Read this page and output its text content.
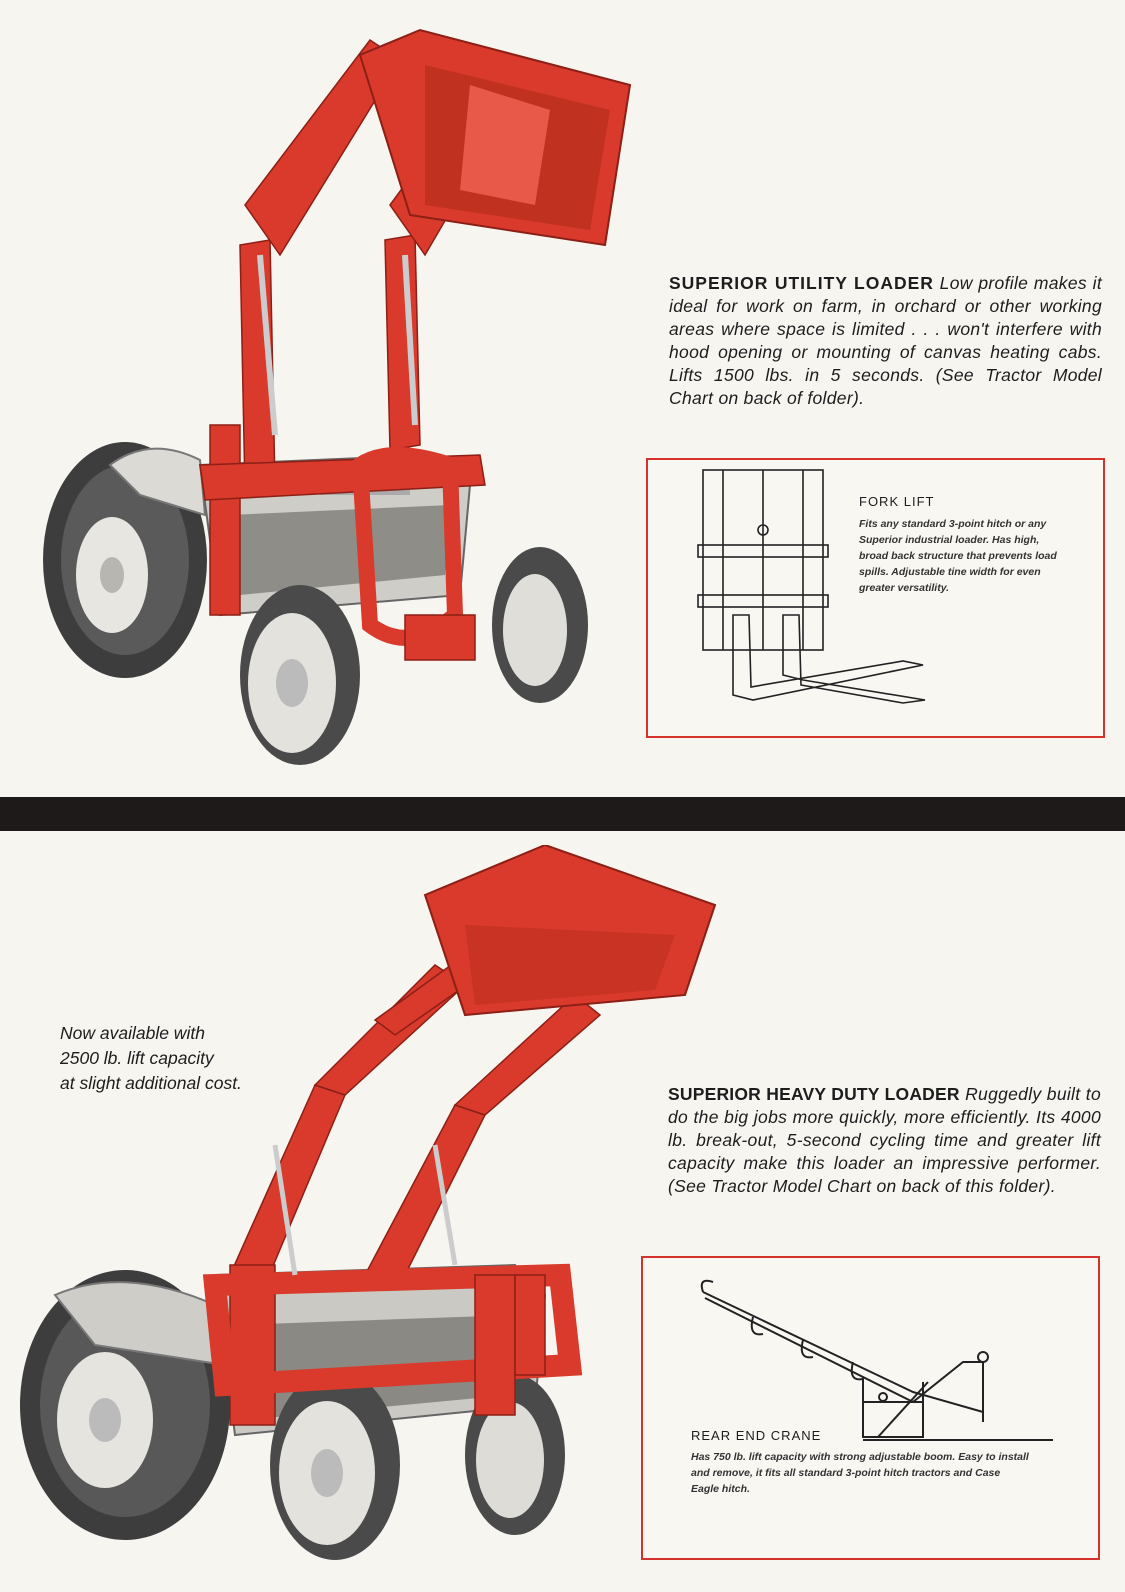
SUPERIOR UTILITY LOADER Low profile makes it ideal for work on farm, in orchard or other working areas where space is limited . . . won't interfere with hood opening or mounting of canvas heating cabs. Lifts 1500 lbs. in 5 seconds. (See Tractor Model Chart on back of folder).
FORK LIFT
Fits any standard 3-point hitch or any Superior industrial loader. Has high, broad back structure that prevents load spills. Adjustable tine width for even greater versatility.
Now available with
2500 lb. lift capacity
at slight additional cost.
SUPERIOR HEAVY DUTY LOADER Ruggedly built to do the big jobs more quickly, more efficiently. Its 4000 lb. break-out, 5-second cycling time and greater lift capacity make this loader an impressive performer. (See Tractor Model Chart on back of this folder).
REAR END CRANE
Has 750 lb. lift capacity with strong adjustable boom. Easy to install and remove, it fits all standard 3-point hitch tractors and Case Eagle hitch.
